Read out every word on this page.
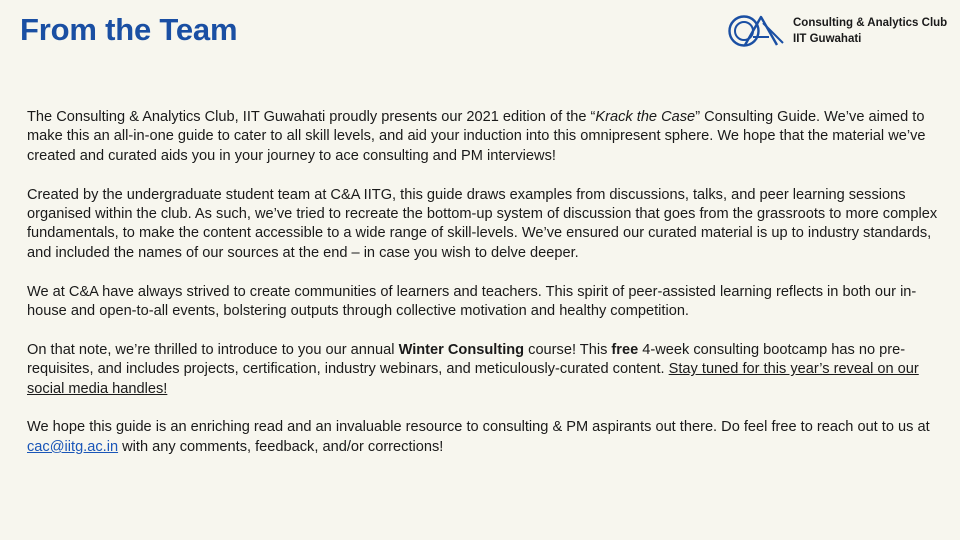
From the Team	Consulting & Analytics Club
IIT Guwahati

The Consulting & Analytics Club, IIT Guwahati proudly presents our 2021 edition of the “Krack the Case” Consulting Guide. We’ve aimed to make this an all-in-one guide to cater to all skill levels, and aid your induction into this omnipresent sphere. We hope that the material we’ve created and curated aids you in your journey to ace consulting and PM interviews!

Created by the undergraduate student team at C&A IITG, this guide draws examples from discussions, talks, and peer learning sessions organised within the club. As such, we’ve tried to recreate the bottom-up system of discussion that goes from the grassroots to more complex fundamentals, to make the content accessible to a wide range of skill-levels. We’ve ensured our curated material is up to industry standards, and included the names of our sources at the end – in case you wish to delve deeper.

We at C&A have always strived to create communities of learners and teachers. This spirit of peer-assisted learning reflects in both our in-house and open-to-all events, bolstering outputs through collective motivation and healthy competition.

On that note, we’re thrilled to introduce to you our annual Winter Consulting course! This free 4-week consulting bootcamp has no pre-requisites, and includes projects, certification, industry webinars, and meticulously-curated content. Stay tuned for this year’s reveal on our social media handles!

We hope this guide is an enriching read and an invaluable resource to consulting & PM aspirants out there. Do feel free to reach out to us at cac@iitg.ac.in with any comments, feedback, and/or corrections!
